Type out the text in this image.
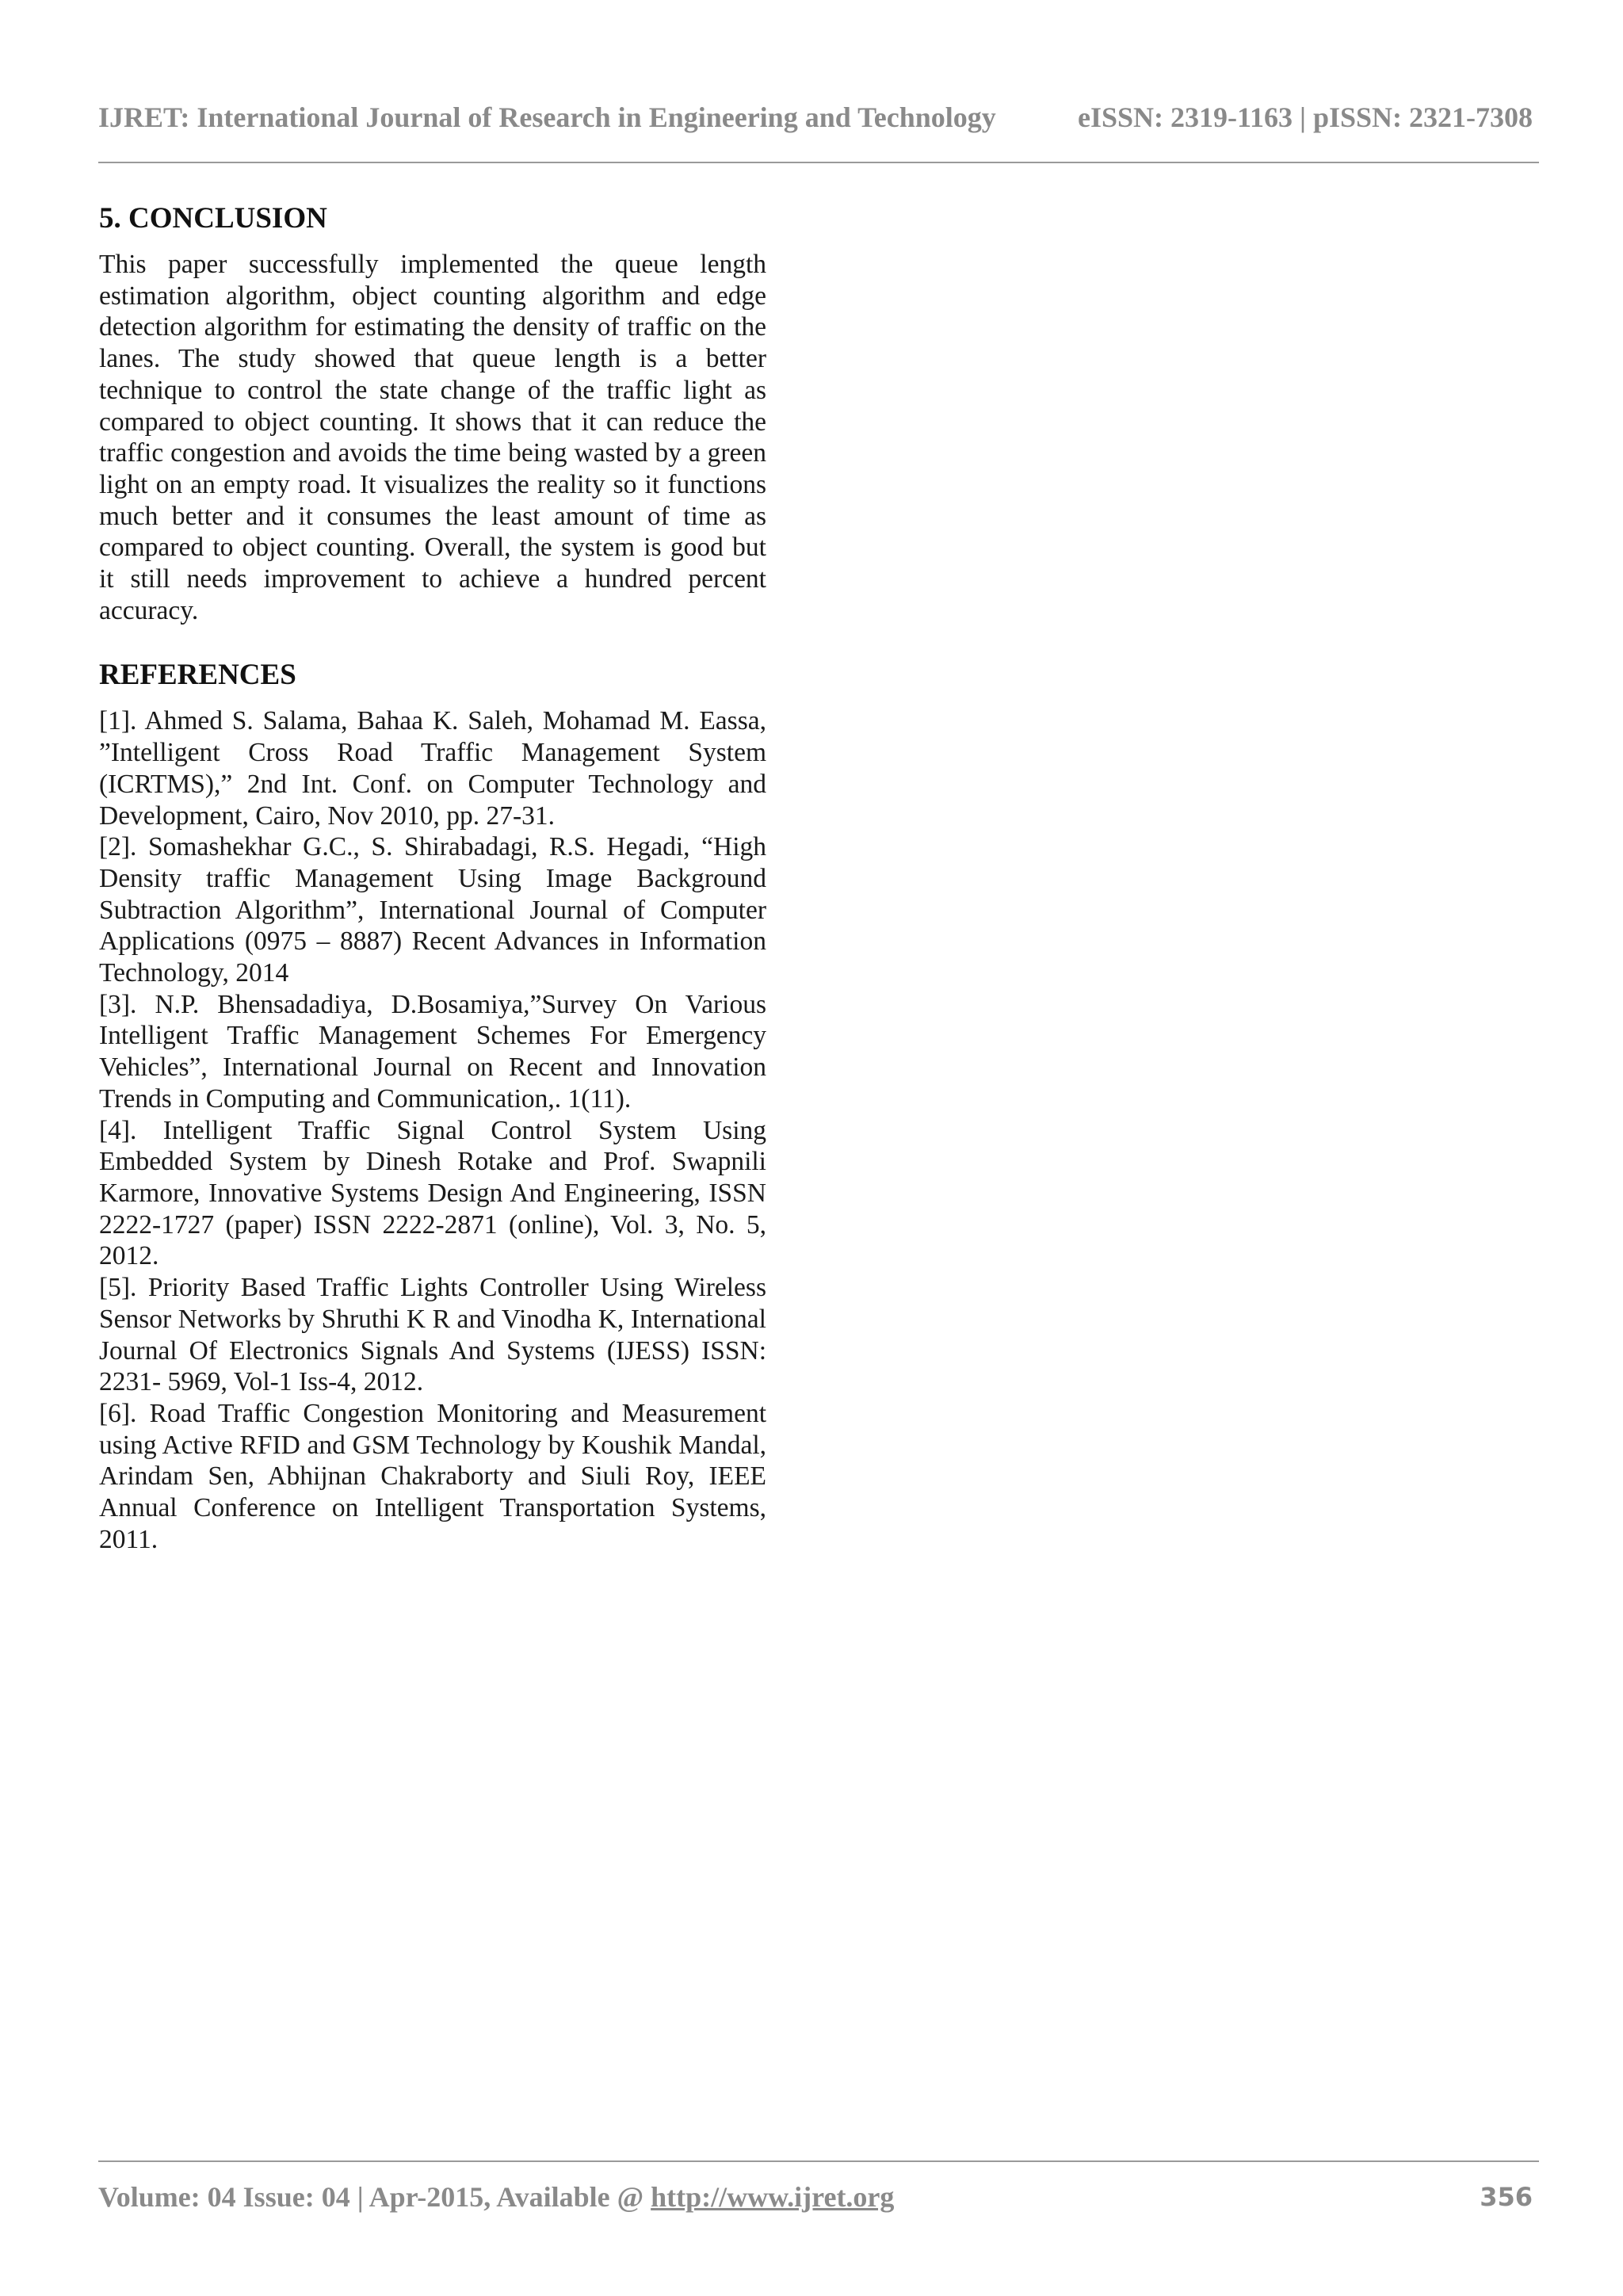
IJRET: International Journal of Research in Engineering and Technology	eISSN: 2319-1163 | pISSN: 2321-7308
5. CONCLUSION

This paper successfully implemented the queue length estimation algorithm, object counting algorithm and edge detection algorithm for estimating the density of traffic on the lanes. The study showed that queue length is a better technique to control the state change of the traffic light as compared to object counting. It shows that it can reduce the traffic congestion and avoids the time being wasted by a green light on an empty road. It visualizes the reality so it functions much better and it consumes the least amount of time as compared to object counting. Overall, the system is good but it still needs improvement to achieve a hundred percent accuracy.

REFERENCES

[1]. Ahmed S. Salama, Bahaa K. Saleh, Mohamad M. Eassa, ”Intelligent Cross Road Traffic Management System (ICRTMS),” 2nd Int. Conf. on Computer Technology and Development, Cairo, Nov 2010, pp. 27-31.

[2]. Somashekhar G.C., S. Shirabadagi, R.S. Hegadi, “High Density traffic Management Using Image Background Subtraction Algorithm”, International Journal of Computer Applications (0975 – 8887) Recent Advances in Information Technology, 2014

[3]. N.P. Bhensadadiya, D.Bosamiya,”Survey On Various Intelligent Traffic Management Schemes For Emergency Vehicles”, International Journal on Recent and Innovation Trends in Computing and Communication,. 1(11).

[4]. Intelligent Traffic Signal Control System Using Embedded System by Dinesh Rotake and Prof. Swapnili Karmore, Innovative Systems Design And Engineering, ISSN 2222-1727 (paper) ISSN 2222-2871 (online), Vol. 3, No. 5, 2012.

[5]. Priority Based Traffic Lights Controller Using Wireless Sensor Networks by Shruthi K R and Vinodha K, International Journal Of Electronics Signals And Systems (IJESS) ISSN: 2231- 5969, Vol-1 Iss-4, 2012.

[6]. Road Traffic Congestion Monitoring and Measurement using Active RFID and GSM Technology by Koushik Mandal, Arindam Sen, Abhijnan Chakraborty and Siuli Roy, IEEE Annual Conference on Intelligent Transportation Systems, 2011.

Volume: 04 Issue: 04 | Apr-2015, Available @ http://www.ijret.org	356
